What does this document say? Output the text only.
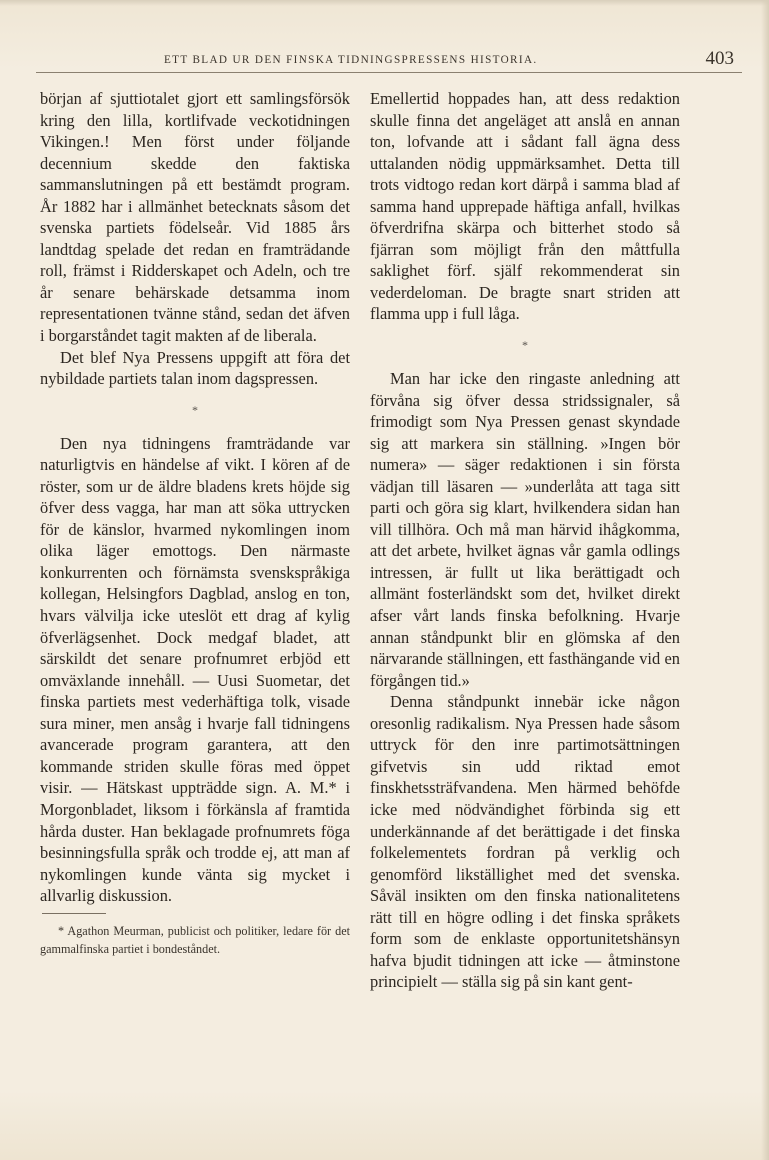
ETT BLAD UR DEN FINSKA TIDNINGSPRESSENS HISTORIA.	403

början af sjuttiotalet gjort ett samlingsförsök kring den lilla, kortlifvade veckotidningen Vikingen.! Men först under följande decennium skedde den faktiska sammanslutningen på ett bestämdt program. År 1882 har i allmänhet betecknats såsom det svenska partiets födelseår. Vid 1885 års landtdag spelade det redan en framträdande roll, främst i Ridderskapet och Adeln, och tre år senare behärskade detsamma inom representationen tvänne stånd, sedan det äfven i borgarståndet tagit makten af de liberala.

Det blef Nya Pressens uppgift att föra det nybildade partiets talan inom dagspressen.

*

Den nya tidningens framträdande var naturligtvis en händelse af vikt. I kören af de röster, som ur de äldre bladens krets höjde sig öfver dess vagga, har man att söka uttrycken för de känslor, hvarmed nykomlingen inom olika läger emottogs. Den närmaste konkurrenten och förnämsta svenskspråkiga kollegan, Helsingfors Dagblad, anslog en ton, hvars välvilja icke uteslöt ett drag af kylig öfverlägsenhet. Dock medgaf bladet, att särskildt det senare profnumret erbjöd ett omväxlande innehåll. — Uusi Suometar, det finska partiets mest vederhäftiga tolk, visade sura miner, men ansåg i hvarje fall tidningens avancerade program garantera, att den kommande striden skulle föras med öppet visir. — Hätskast uppträdde sign. A. M.* i Morgonbladet, liksom i förkänsla af framtida hårda duster. Han beklagade profnumrets föga besinningsfulla språk och trodde ej, att man af nykomlingen kunde vänta sig mycket i allvarlig diskussion.

* Agathon Meurman, publicist och politiker, ledare för det gammalfinska partiet i bondeståndet.

Emellertid hoppades han, att dess redaktion skulle finna det angeläget att anslå en annan ton, lofvande att i sådant fall ägna dess uttalanden nödig uppmärksamhet. Detta till trots vidtogo redan kort därpå i samma blad af samma hand upprepade häftiga anfall, hvilkas öfverdrifna skärpa och bitterhet stodo så fjärran som möjligt från den måttfulla saklighet förf. själf rekommenderat sin vederdeloman. De bragte snart striden att flamma upp i full låga.

*

Man har icke den ringaste anledning att förvåna sig öfver dessa stridssignaler, så frimodigt som Nya Pressen genast skyndade sig att markera sin ställning. »Ingen bör numera» — säger redaktionen i sin första vädjan till läsaren — »underlåta att taga sitt parti och göra sig klart, hvilkendera sidan han vill tillhöra. Och må man härvid ihågkomma, att det arbete, hvilket ägnas vår gamla odlings intressen, är fullt ut lika berättigadt och allmänt fosterländskt som det, hvilket direkt afser vårt lands finska befolkning. Hvarje annan ståndpunkt blir en glömska af den närvarande ställningen, ett fasthängande vid en förgången tid.»

Denna ståndpunkt innebär icke någon oresonlig radikalism. Nya Pressen hade såsom uttryck för den inre partimotsättningen gifvetvis sin udd riktad emot finskhetssträfvandena. Men härmed behöfde icke med nödvändighet förbinda sig ett underkännande af det berättigade i det finska folkelementets fordran på verklig och genomförd likställighet med det svenska. Såväl insikten om den finska nationalitetens rätt till en högre odling i det finska språkets form som de enklaste opportunitetshänsyn hafva bjudit tidningen att icke — åtminstone principielt — ställa sig på sin kant gent-
